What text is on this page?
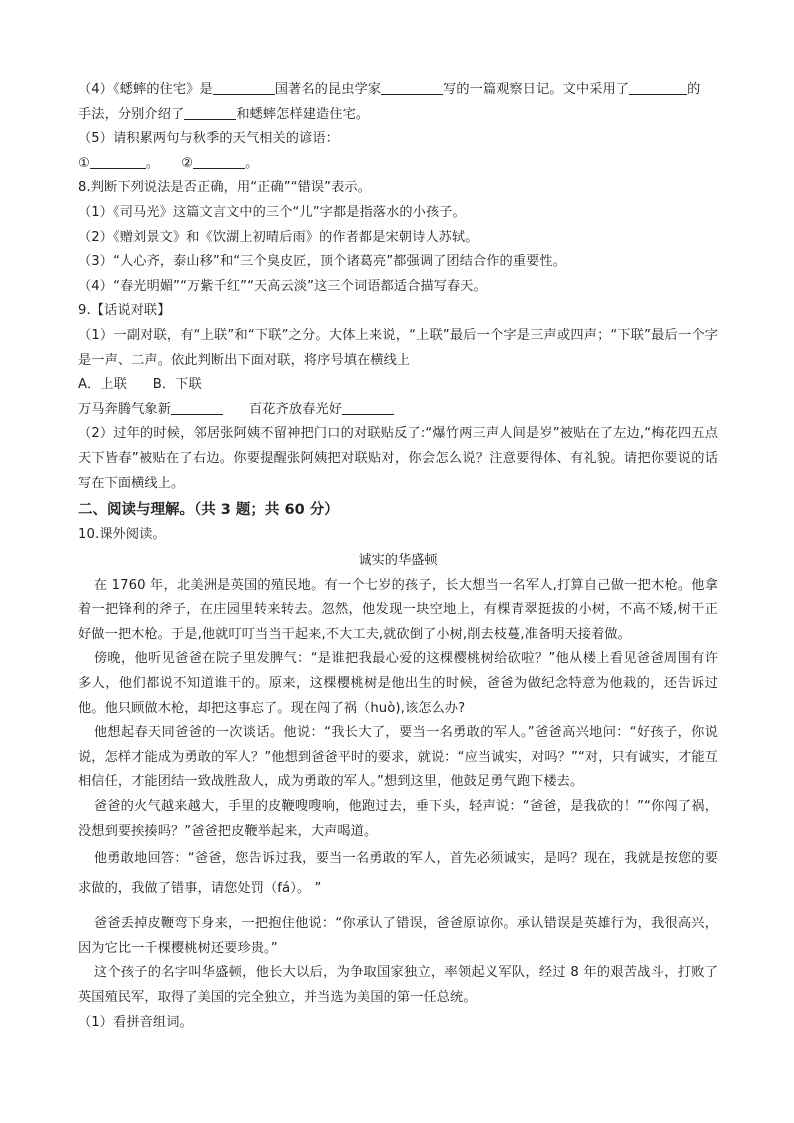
（4）《蟋蟀的住宅》是	国著名的昆虫学家	写的一篇观察日记。文中采用了	的
手法，分别介绍了	和蟋蟀怎样建造住宅。
（5）请积累两句与秋季的天气相关的谚语：
①	。 ②	。
8.判断下列说法是否正确，用“正确”“错误”表示。
（1）《司马光》这篇文言文中的三个“儿”字都是指落水的小孩子。
（2）《赠刘景文》和《饮湖上初晴后雨》的作者都是宋朝诗人苏轼。
（3）“人心齐，泰山移”和“三个臭皮匠，顶个诸葛亮”都强调了团结合作的重要性。
（4）“春光明媚”“万紫千红”“天高云淡”这三个词语都适合描写春天。
9.【话说对联】
（1）一副对联，有“上联”和“下联”之分。大体上来说，“上联”最后一个字是三声或四声；“下联”最后一个字是一声、二声。依此判断出下面对联，将序号填在横线上
A．上联      B．下联
万马奔腾气象新	百花齐放春光好
（2）过年的时候，邻居张阿姨不留神把门口的对联贴反了:“爆竹两三声人间是岁”被贴在了左边,“梅花四五点天下皆春”被贴在了右边。你要提醒张阿姨把对联贴对，你会怎么说？注意要得体、有礼貌。请把你要说的话写在下面横线上。
二、阅读与理解。（共 3 题；共 60 分）
10.课外阅读。
诚实的华盛顿
在 1760 年，北美洲是英国的殖民地。有一个七岁的孩子，长大想当一名军人,打算自己做一把木枪。他拿着一把锋利的斧子，在庄园里转来转去。忽然，他发现一块空地上，有棵青翠挺拔的小树，不高不矮,树干正好做一把木枪。于是,他就叮叮当当干起来,不大工夫,就砍倒了小树,削去枝蔓,准备明天接着做。
傍晚，他听见爸爸在院子里发脾气：“是谁把我最心爱的这棵樱桃树给砍啦？”他从楼上看见爸爸周围有许多人，他们都说不知道谁干的。原来，这棵樱桃树是他出生的时候，爸爸为做纪念特意为他栽的，还告诉过他。他只顾做木枪，却把这事忘了。现在闯了祸（huò),该怎么办?
他想起春天同爸爸的一次谈话。他说：“我长大了，要当一名勇敢的军人。”爸爸高兴地问：“好孩子，你说说，怎样才能成为勇敢的军人？”他想到爸爸平时的要求，就说：“应当诚实，对吗？”“对，只有诚实，才能互相信任，才能团结一致战胜敌人，成为勇敢的军人。”想到这里，他鼓足勇气跑下楼去。
爸爸的火气越来越大，手里的皮鞭嗖嗖响，他跑过去，垂下头，轻声说：“爸爸，是我砍的！”“你闯了祸，没想到要挨揍吗？”爸爸把皮鞭举起来，大声喝道。
他勇敢地回答：“爸爸，您告诉过我，要当一名勇敢的军人，首先必须诚实，是吗？现在，我就是按您的要求做的，我做了错事，请您处罚（fá）。 ”
爸爸丢掉皮鞭弯下身来，一把抱住他说：“你承认了错误，爸爸原谅你。承认错误是英雄行为，我很高兴，因为它比一千棵樱桃树还要珍贵。”
这个孩子的名字叫华盛顿，他长大以后，为争取国家独立，率领起义军队，经过 8 年的艰苦战斗，打败了英国殖民军，取得了美国的完全独立，并当选为美国的第一任总统。
（1）看拼音组词。
